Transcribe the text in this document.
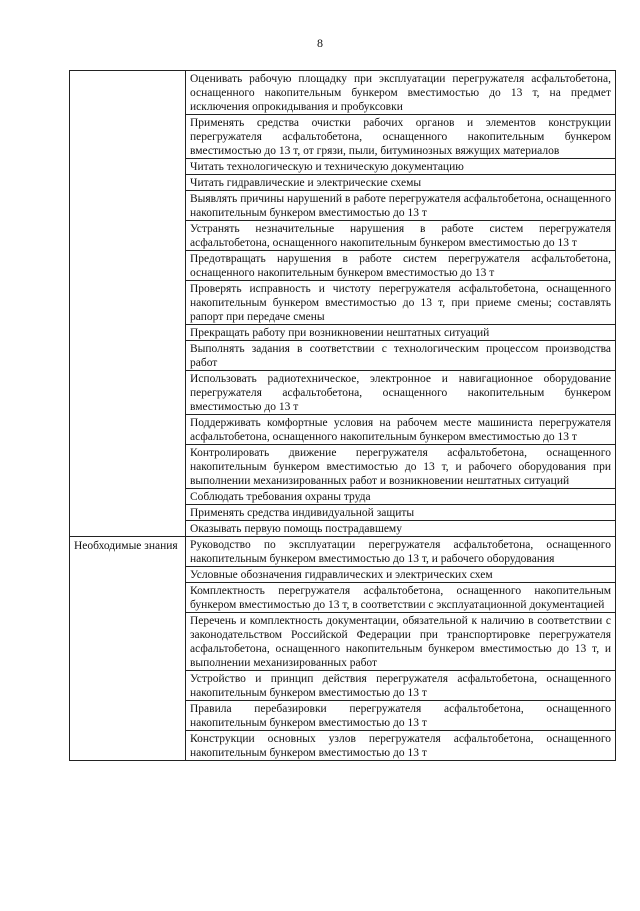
8
	Оценивать рабочую площадку при эксплуатации перегружателя асфальтобетона, оснащенного накопительным бункером вместимостью до 13 т, на предмет исключения опрокидывания и пробуксовки
	Применять средства очистки рабочих органов и элементов конструкции перегружателя асфальтобетона, оснащенного накопительным бункером вместимостью до 13 т, от грязи, пыли, битуминозных вяжущих материалов
	Читать технологическую и техническую документацию
	Читать гидравлические и электрические схемы
	Выявлять причины нарушений в работе перегружателя асфальтобетона, оснащенного накопительным бункером вместимостью до 13 т
	Устранять незначительные нарушения в работе систем перегружателя асфальтобетона, оснащенного накопительным бункером вместимостью до 13 т
	Предотвращать нарушения в работе систем перегружателя асфальтобетона, оснащенного накопительным бункером вместимостью до 13 т
	Проверять исправность и чистоту перегружателя асфальтобетона, оснащенного накопительным бункером вместимостью до 13 т, при приеме смены; составлять рапорт при передаче смены
	Прекращать работу при возникновении нештатных ситуаций
	Выполнять задания в соответствии с технологическим процессом производства работ
	Использовать радиотехническое, электронное и навигационное оборудование перегружателя асфальтобетона, оснащенного накопительным бункером вместимостью до 13 т
	Поддерживать комфортные условия на рабочем месте машиниста перегружателя асфальтобетона, оснащенного накопительным бункером вместимостью до 13 т
	Контролировать движение перегружателя асфальтобетона, оснащенного накопительным бункером вместимостью до 13 т, и рабочего оборудования при выполнении механизированных работ и возникновении нештатных ситуаций
	Соблюдать требования охраны труда
	Применять средства индивидуальной защиты
	Оказывать первую помощь пострадавшему
Необходимые знания	Руководство по эксплуатации перегружателя асфальтобетона, оснащенного накопительным бункером вместимостью до 13 т, и рабочего оборудования
	Условные обозначения гидравлических и электрических схем
	Комплектность перегружателя асфальтобетона, оснащенного накопительным бункером вместимостью до 13 т, в соответствии с эксплуатационной документацией
	Перечень и комплектность документации, обязательной к наличию в соответствии с законодательством Российской Федерации при транспортировке перегружателя асфальтобетона, оснащенного накопительным бункером вместимостью до 13 т, и выполнении механизированных работ
	Устройство и принцип действия перегружателя асфальтобетона, оснащенного накопительным бункером вместимостью до 13 т
	Правила перебазировки перегружателя асфальтобетона, оснащенного накопительным бункером вместимостью до 13 т
	Конструкции основных узлов перегружателя асфальтобетона, оснащенного накопительным бункером вместимостью до 13 т
